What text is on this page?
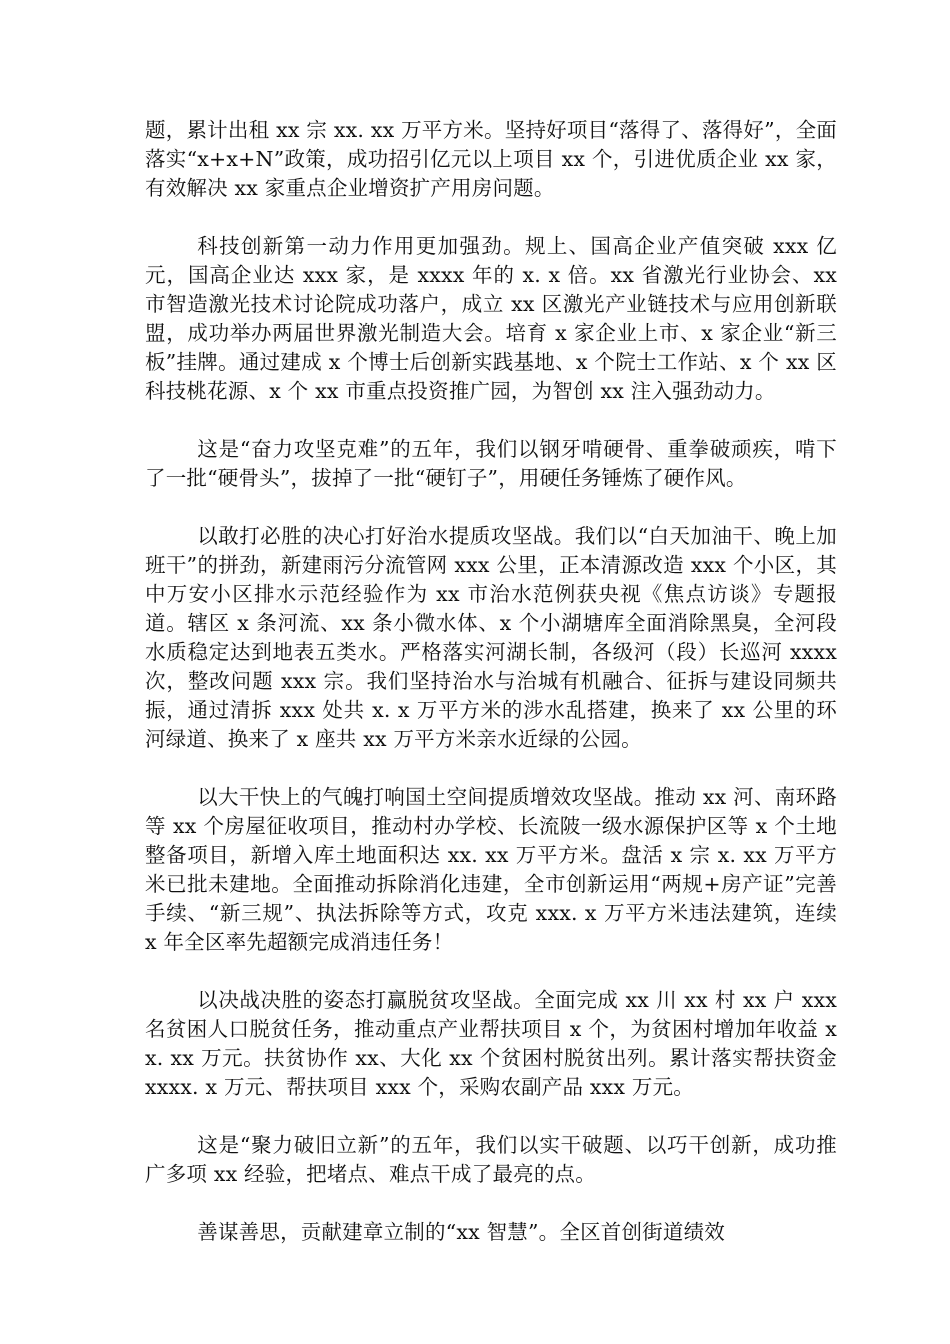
题，累计出租 xx 宗 xx. xx 万平方米。坚持好项目“落得了、落得好”，全面落实“x+x+N”政策，成功招引亿元以上项目 xx 个，引进优质企业 xx 家，有效解决 xx 家重点企业增资扩产用房问题。

科技创新第一动力作用更加强劲。规上、国高企业产值突破 xxx 亿元，国高企业达 xxx 家，是 xxxx 年的 x. x 倍。xx 省激光行业协会、xx 市智造激光技术讨论院成功落户，成立 xx 区激光产业链技术与应用创新联盟，成功举办两届世界激光制造大会。培育 x 家企业上市、x 家企业“新三板”挂牌。通过建成 x 个博士后创新实践基地、x 个院士工作站、x 个 xx 区科技桃花源、x 个 xx 市重点投资推广园，为智创 xx 注入强劲动力。

这是“奋力攻坚克难”的五年，我们以钢牙啃硬骨、重拳破顽疾，啃下了一批“硬骨头”，拔掉了一批“硬钉子”，用硬任务锤炼了硬作风。

以敢打必胜的决心打好治水提质攻坚战。我们以“白天加油干、晚上加班干”的拼劲，新建雨污分流管网 xxx 公里，正本清源改造 xxx 个小区，其中万安小区排水示范经验作为 xx 市治水范例获央视《焦点访谈》专题报道。辖区 x 条河流、xx 条小微水体、x 个小湖塘库全面消除黑臭，全河段水质稳定达到地表五类水。严格落实河湖长制，各级河（段）长巡河 xxxx 次，整改问题 xxx 宗。我们坚持治水与治城有机融合、征拆与建设同频共振，通过清拆 xxx 处共 x. x 万平方米的涉水乱搭建，换来了 xx 公里的环河绿道、换来了 x 座共 xx 万平方米亲水近绿的公园。

以大干快上的气魄打响国土空间提质增效攻坚战。推动 xx 河、南环路等 xx 个房屋征收项目，推动村办学校、长流陂一级水源保护区等 x 个土地整备项目，新增入库土地面积达 xx. xx 万平方米。盘活 x 宗 x. xx 万平方米已批未建地。全面推动拆除消化违建，全市创新运用“两规+房产证”完善手续、“新三规”、执法拆除等方式，攻克 xxx. x 万平方米违法建筑，连续 x 年全区率先超额完成消违任务！

以决战决胜的姿态打赢脱贫攻坚战。全面完成 xx 川 xx 村 xx 户 xxx 名贫困人口脱贫任务，推动重点产业帮扶项目 x 个，为贫困村增加年收益 xx. xx 万元。扶贫协作 xx、大化 xx 个贫困村脱贫出列。累计落实帮扶资金 xxxx. x 万元、帮扶项目 xxx 个，采购农副产品 xxx 万元。

这是“聚力破旧立新”的五年，我们以实干破题、以巧干创新，成功推广多项 xx 经验，把堵点、难点干成了最亮的点。

善谋善思，贡献建章立制的“xx 智慧”。全区首创街道绩效
